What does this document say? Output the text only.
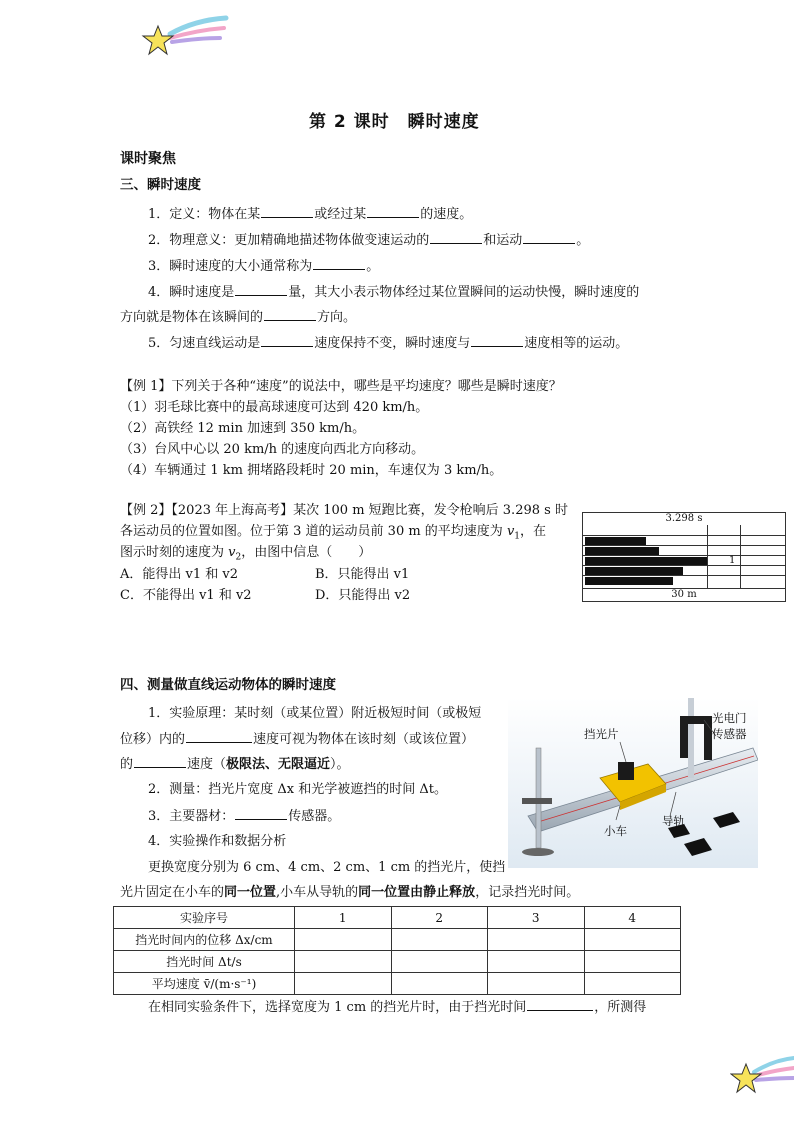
第 2 课时　瞬时速度
课时聚焦
三、瞬时速度
1．定义：物体在某	或经过某	的速度。
2．物理意义：更加精确地描述物体做变速运动的	和运动	。
3．瞬时速度的大小通常称为	。
4．瞬时速度是	量，其大小表示物体经过某位置瞬间的运动快慢，瞬时速度的
方向就是物体在该瞬间的	方向。
5．匀速直线运动是	速度保持不变，瞬时速度与	速度相等的运动。
【例 1】下列关于各种“速度”的说法中，哪些是平均速度？哪些是瞬时速度？
（1）羽毛球比赛中的最高球速度可达到 420 km/h。
（2）高铁经 12 min 加速到 350 km/h。
（3）台风中心以 20 km/h 的速度向西北方向移动。
（4）车辆通过 1 km 拥堵路段耗时 20 min，车速仅为 3 km/h。
【例 2】【2023 年上海高考】某次 100 m 短跑比赛，发令枪响后 3.298 s 时
各运动员的位置如图。位于第 3 道的运动员前 30 m 的平均速度为 $v_1$，在
图示时刻的速度为 $v_2$，由图中信息（　　）
A．能得出 v1 和 v2	B．只能得出 v1
C．不能得出 v1 和 v2	D．只能得出 v2
3.298 s
1
30 m
四、测量做直线运动物体的瞬时速度
1．实验原理：某时刻（或某位置）附近极短时间（或极短
位移）内的	速度可视为物体在该时刻（或该位置）
的	速度（极限法、无限逼近）。
2．测量：挡光片宽度 Δx 和光学被遮挡的时间 Δt。
3．主要器材：	传感器。
4．实验操作和数据分析
更换宽度分别为 6 cm、4 cm、2 cm、1 cm 的挡光片，使挡
光片固定在小车的同一位置,小车从导轨的同一位置由静止释放，记录挡光时间。
挡光片
光电门
传感器
小车
导轨
实验序号	1	2	3	4
挡光时间内的位移 Δx/cm				
挡光时间 Δt/s				
平均速度 v̄/(m·s⁻¹)				
在相同实验条件下，选择宽度为 1 cm 的挡光片时，由于挡光时间	，所测得
